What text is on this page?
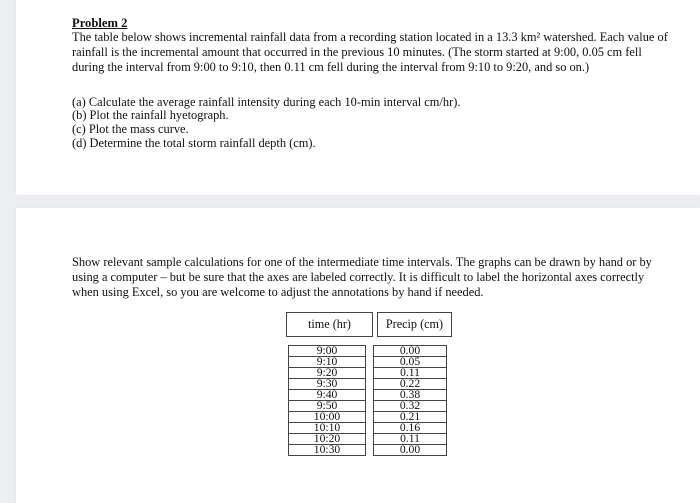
Problem 2

The table below shows incremental rainfall data from a recording station located in a 13.3 km² watershed. Each value of rainfall is the incremental amount that occurred in the previous 10 minutes. (The storm started at 9:00, 0.05 cm fell during the interval from 9:00 to 9:10, then 0.11 cm fell during the interval from 9:10 to 9:20, and so on.)

(a) Calculate the average rainfall intensity during each 10-min interval cm/hr).
(b) Plot the rainfall hyetograph.
(c) Plot the mass curve.
(d) Determine the total storm rainfall depth (cm).

Show relevant sample calculations for one of the intermediate time intervals. The graphs can be drawn by hand or by using a computer – but be sure that the axes are labeled correctly. It is difficult to label the horizontal axes correctly when using Excel, so you are welcome to adjust the annotations by hand if needed.

time (hr)	Precip (cm)
9:00		0.00
9:10		0.05
9:20		0.11
9:30		0.22
9:40		0.38
9:50		0.32
10:00		0.21
10:10		0.16
10:20		0.11
10:30		0.00
